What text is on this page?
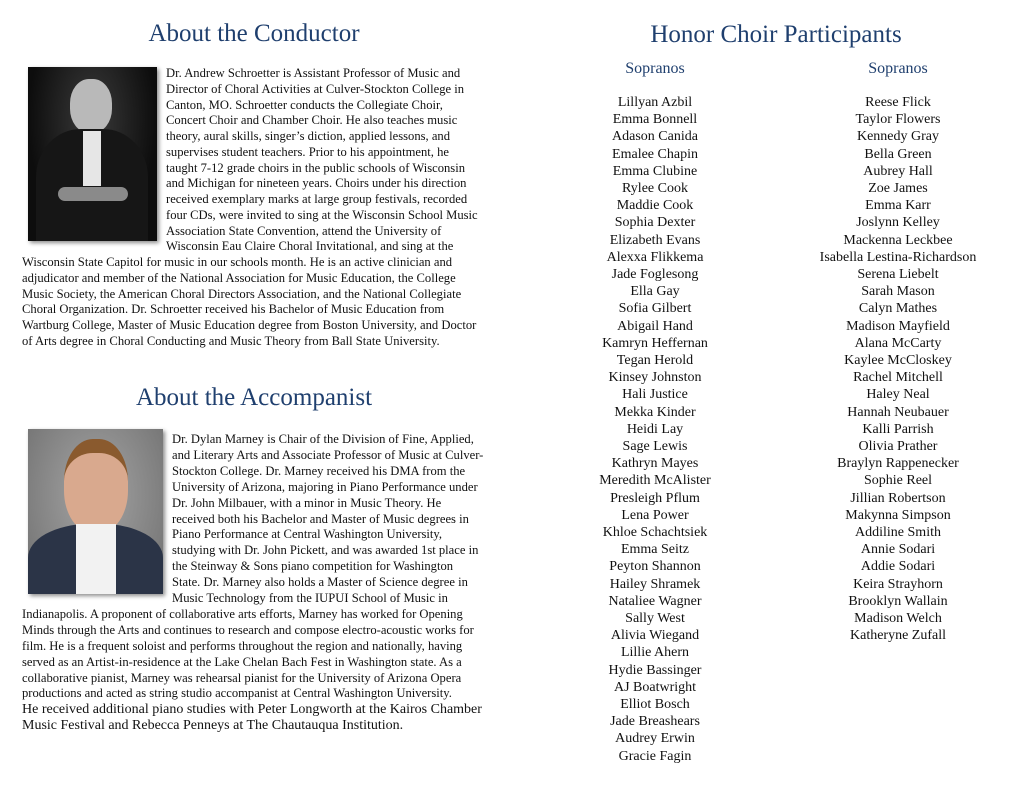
About the Conductor
Dr. Andrew Schroetter is Assistant Professor of Music and
Director of Choral Activities at Culver-Stockton College in
Canton, MO. Schroetter conducts the Collegiate Choir,
Concert Choir and Chamber Choir. He also teaches music
theory, aural skills, singer’s diction, applied lessons, and
supervises student teachers. Prior to his appointment, he
taught 7-12 grade choirs in the public schools of Wisconsin
and Michigan for nineteen years. Choirs under his direction
received exemplary marks at large group festivals, recorded
four CDs, were invited to sing at the Wisconsin School Music
Association State Convention, attend the University of
Wisconsin Eau Claire Choral Invitational, and sing at the
Wisconsin State Capitol for music in our schools month. He is an active clinician and
adjudicator and member of the National Association for Music Education, the College
Music Society, the American Choral Directors Association, and the National Collegiate
Choral Organization. Dr. Schroetter received his Bachelor of Music Education from
Wartburg College, Master of Music Education degree from Boston University, and Doctor
of Arts degree in Choral Conducting and Music Theory from Ball State University.
About the Accompanist
Dr. Dylan Marney is Chair of the Division of Fine, Applied,
and Literary Arts and Associate Professor of Music at Culver-
Stockton College. Dr. Marney received his DMA from the
University of Arizona, majoring in Piano Performance under
Dr. John Milbauer, with a minor in Music Theory. He
received both his Bachelor and Master of Music degrees in
Piano Performance at Central Washington University,
studying with Dr. John Pickett, and was awarded 1st place in
the Steinway & Sons piano competition for Washington
State. Dr. Marney also holds a Master of Science degree in
Music Technology from the IUPUI School of Music in
Indianapolis. A proponent of collaborative arts efforts, Marney has worked for Opening
Minds through the Arts and continues to research and compose electro-acoustic works for
film. He is a frequent soloist and performs throughout the region and nationally, having
served as an Artist-in-residence at the Lake Chelan Bach Fest in Washington state. As a
collaborative pianist, Marney was rehearsal pianist for the University of Arizona Opera
productions and acted as string studio accompanist at Central Washington University.
He received additional piano studies with Peter Longworth at the Kairos Chamber
Music Festival and Rebecca Penneys at The Chautauqua Institution.
Honor Choir Participants
Sopranos	Sopranos
Lillyan Azbil
Emma Bonnell
Adason Canida
Emalee Chapin
Emma Clubine
Rylee Cook
Maddie Cook
Sophia Dexter
Elizabeth Evans
Alexxa Flikkema
Jade Foglesong
Ella Gay
Sofia Gilbert
Abigail Hand
Kamryn Heffernan
Tegan Herold
Kinsey Johnston
Hali Justice
Mekka Kinder
Heidi Lay
Sage Lewis
Kathryn Mayes
Meredith McAlister
Presleigh Pflum
Lena Power
Khloe Schachtsiek
Emma Seitz
Peyton Shannon
Hailey Shramek
Nataliee Wagner
Sally West
Alivia Wiegand
Lillie Ahern
Hydie Bassinger
AJ Boatwright
Elliot Bosch
Jade Breashears
Audrey Erwin
Gracie Fagin
Reese Flick
Taylor Flowers
Kennedy Gray
Bella Green
Aubrey Hall
Zoe James
Emma Karr
Joslynn Kelley
Mackenna Leckbee
Isabella Lestina-Richardson
Serena Liebelt
Sarah Mason
Calyn Mathes
Madison Mayfield
Alana McCarty
Kaylee McCloskey
Rachel Mitchell
Haley Neal
Hannah Neubauer
Kalli Parrish
Olivia Prather
Braylyn Rappenecker
Sophie Reel
Jillian Robertson
Makynna Simpson
Addiline Smith
Annie Sodari
Addie Sodari
Keira Strayhorn
Brooklyn Wallain
Madison Welch
Katheryne Zufall
